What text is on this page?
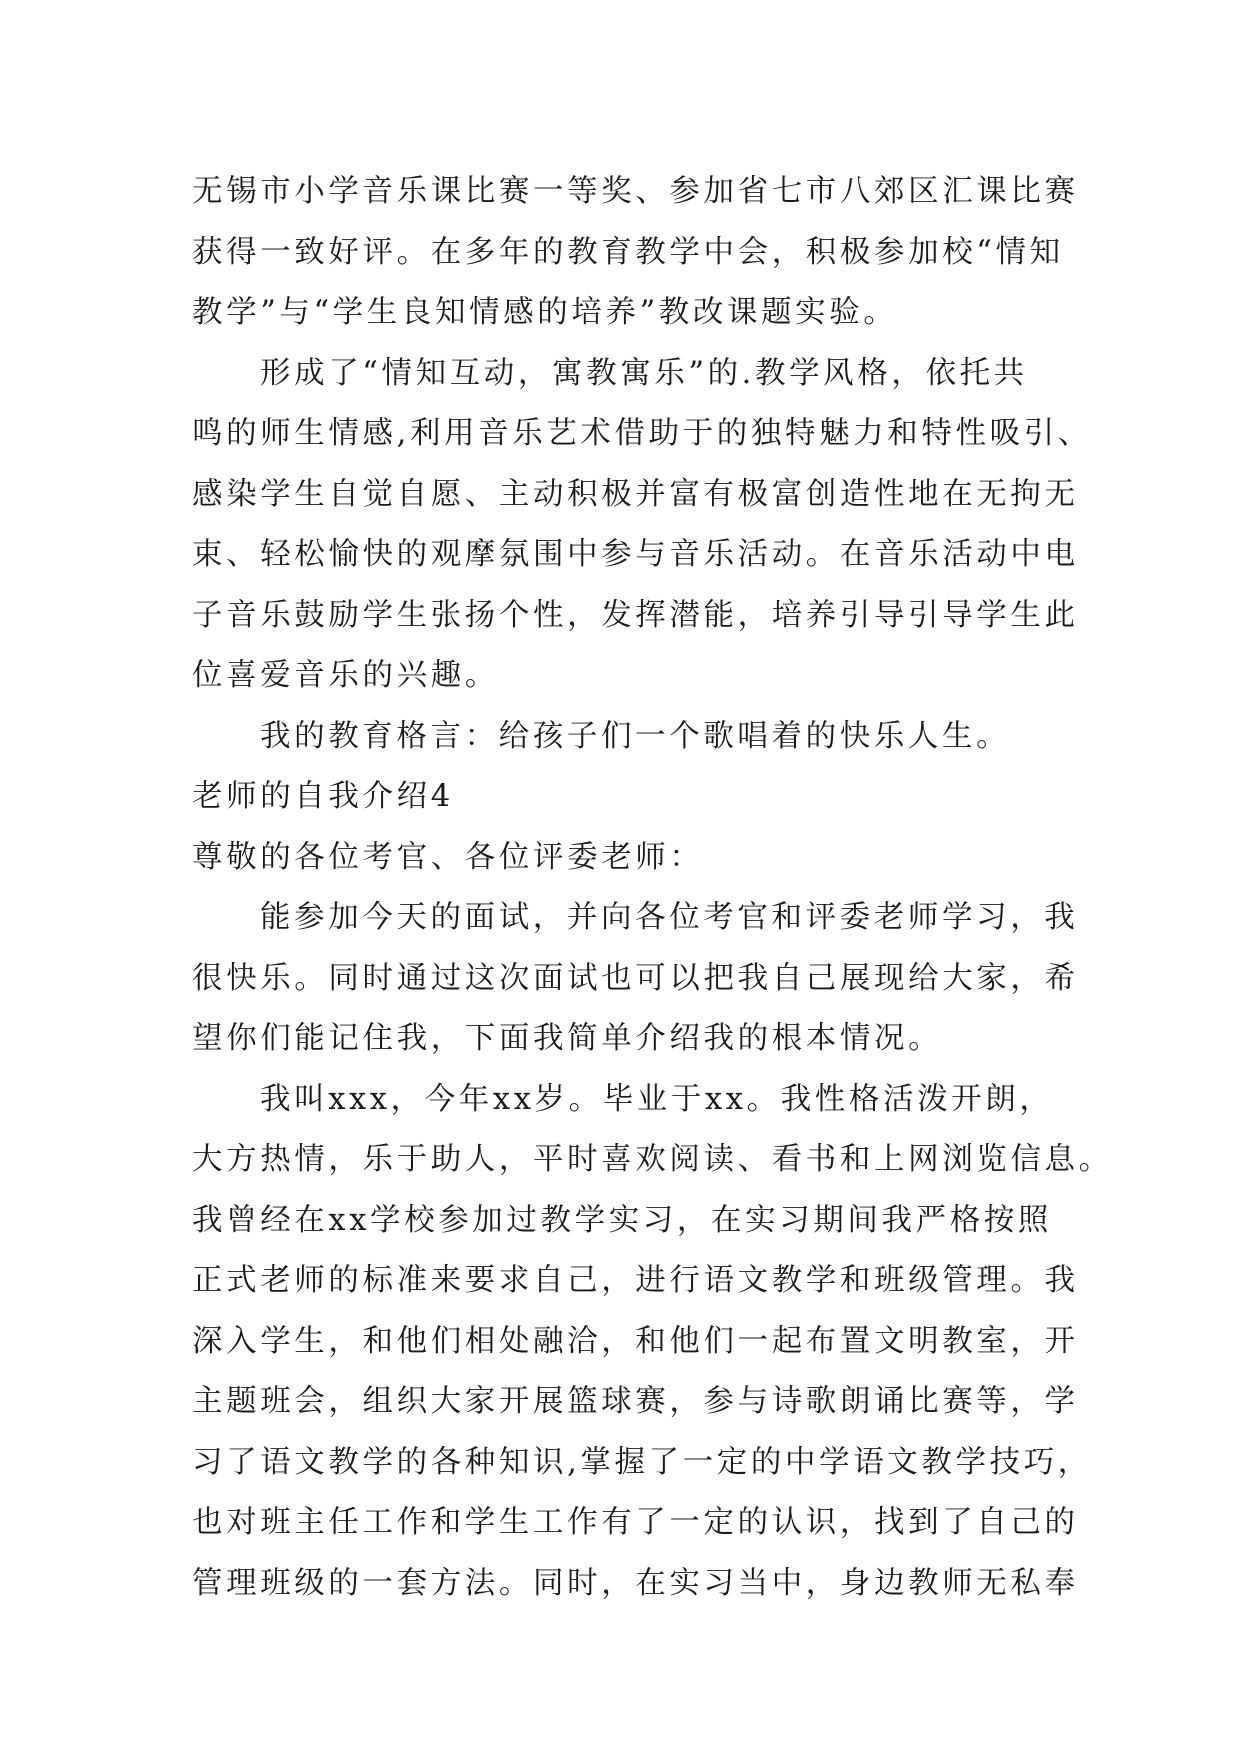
无锡市小学音乐课比赛一等奖、参加省七市八郊区汇课比赛
获得一致好评。在多年的教育教学中会，积极参加校“情知
教学”与“学生良知情感的培养”教改课题实验。
形成了“情知互动，寓教寓乐”的.教学风格，依托共
鸣的师生情感,利用音乐艺术借助于的独特魅力和特性吸引、
感染学生自觉自愿、主动积极并富有极富创造性地在无拘无
束、轻松愉快的观摩氛围中参与音乐活动。在音乐活动中电
子音乐鼓励学生张扬个性，发挥潜能，培养引导引导学生此
位喜爱音乐的兴趣。
我的教育格言：给孩子们一个歌唱着的快乐人生。
老师的自我介绍4
尊敬的各位考官、各位评委老师：
能参加今天的面试，并向各位考官和评委老师学习，我
很快乐。同时通过这次面试也可以把我自己展现给大家，希
望你们能记住我，下面我简单介绍我的根本情况。
我叫xxx，今年xx岁。毕业于xx。我性格活泼开朗，
大方热情，乐于助人，平时喜欢阅读、看书和上网浏览信息。
我曾经在xx学校参加过教学实习，在实习期间我严格按照
正式老师的标准来要求自己，进行语文教学和班级管理。我
深入学生，和他们相处融洽，和他们一起布置文明教室，开
主题班会，组织大家开展篮球赛，参与诗歌朗诵比赛等，学
习了语文教学的各种知识,掌握了一定的中学语文教学技巧，
也对班主任工作和学生工作有了一定的认识，找到了自己的
管理班级的一套方法。同时，在实习当中，身边教师无私奉
